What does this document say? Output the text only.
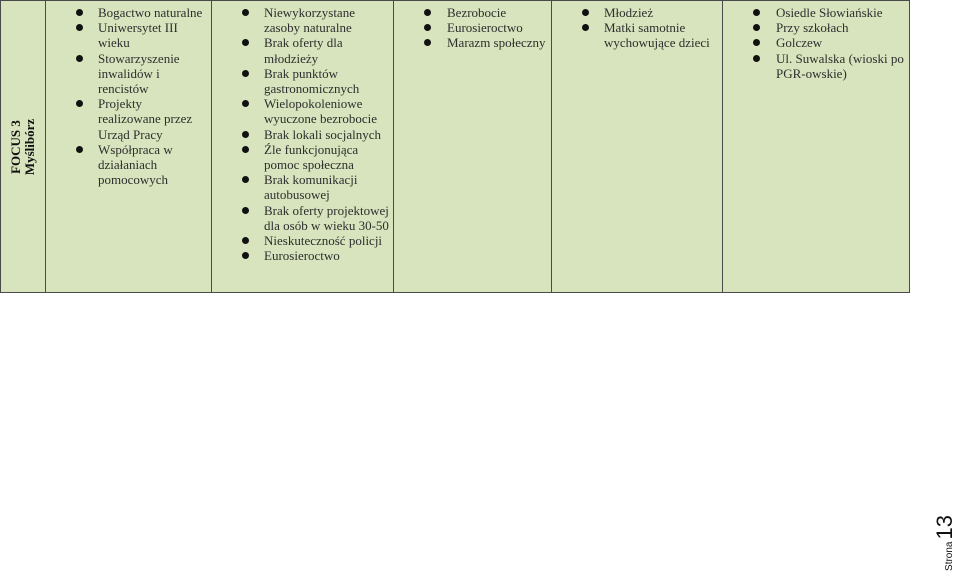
FOCUS 3 Myślibórz

Bogactwo naturalne
Uniwersytet III wieku
Stowarzyszenie inwalidów i rencistów
Projekty realizowane przez Urząd Pracy
Współpraca w działaniach pomocowych

Niewykorzystane zasoby naturalne
Brak oferty dla młodzieży
Brak punktów gastronomicznych
Wielopokoleniowe wyuczone bezrobocie
Brak lokali socjalnych
Źle funkcjonująca pomoc społeczna
Brak komunikacji autobusowej
Brak oferty projektowej dla osób w wieku 30-50
Nieskuteczność policji
Eurosieroctwo

Bezrobocie
Eurosieroctwo
Marazm społeczny

Młodzież
Matki samotnie wychowujące dzieci

Osiedle Słowiańskie
Przy szkołach
Golczew
Ul. Suwalska (wioski po PGR-owskie)
Strona13
